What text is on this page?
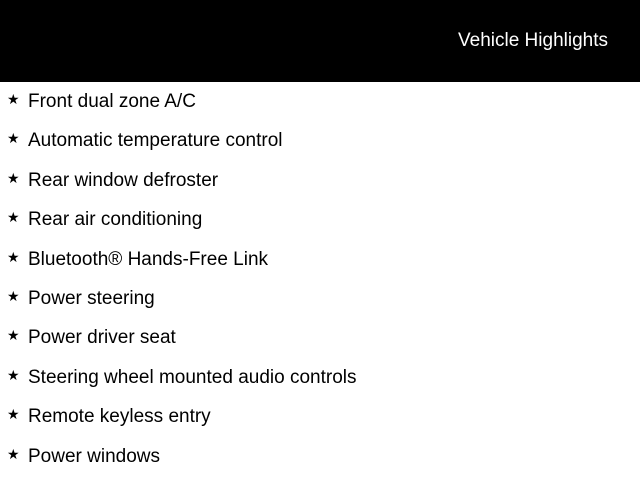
Vehicle Highlights
★ Front dual zone A/C
★ Automatic temperature control
★ Rear window defroster
★ Rear air conditioning
★ Bluetooth® Hands-Free Link
★ Power steering
★ Power driver seat
★ Steering wheel mounted audio controls
★ Remote keyless entry
★ Power windows
